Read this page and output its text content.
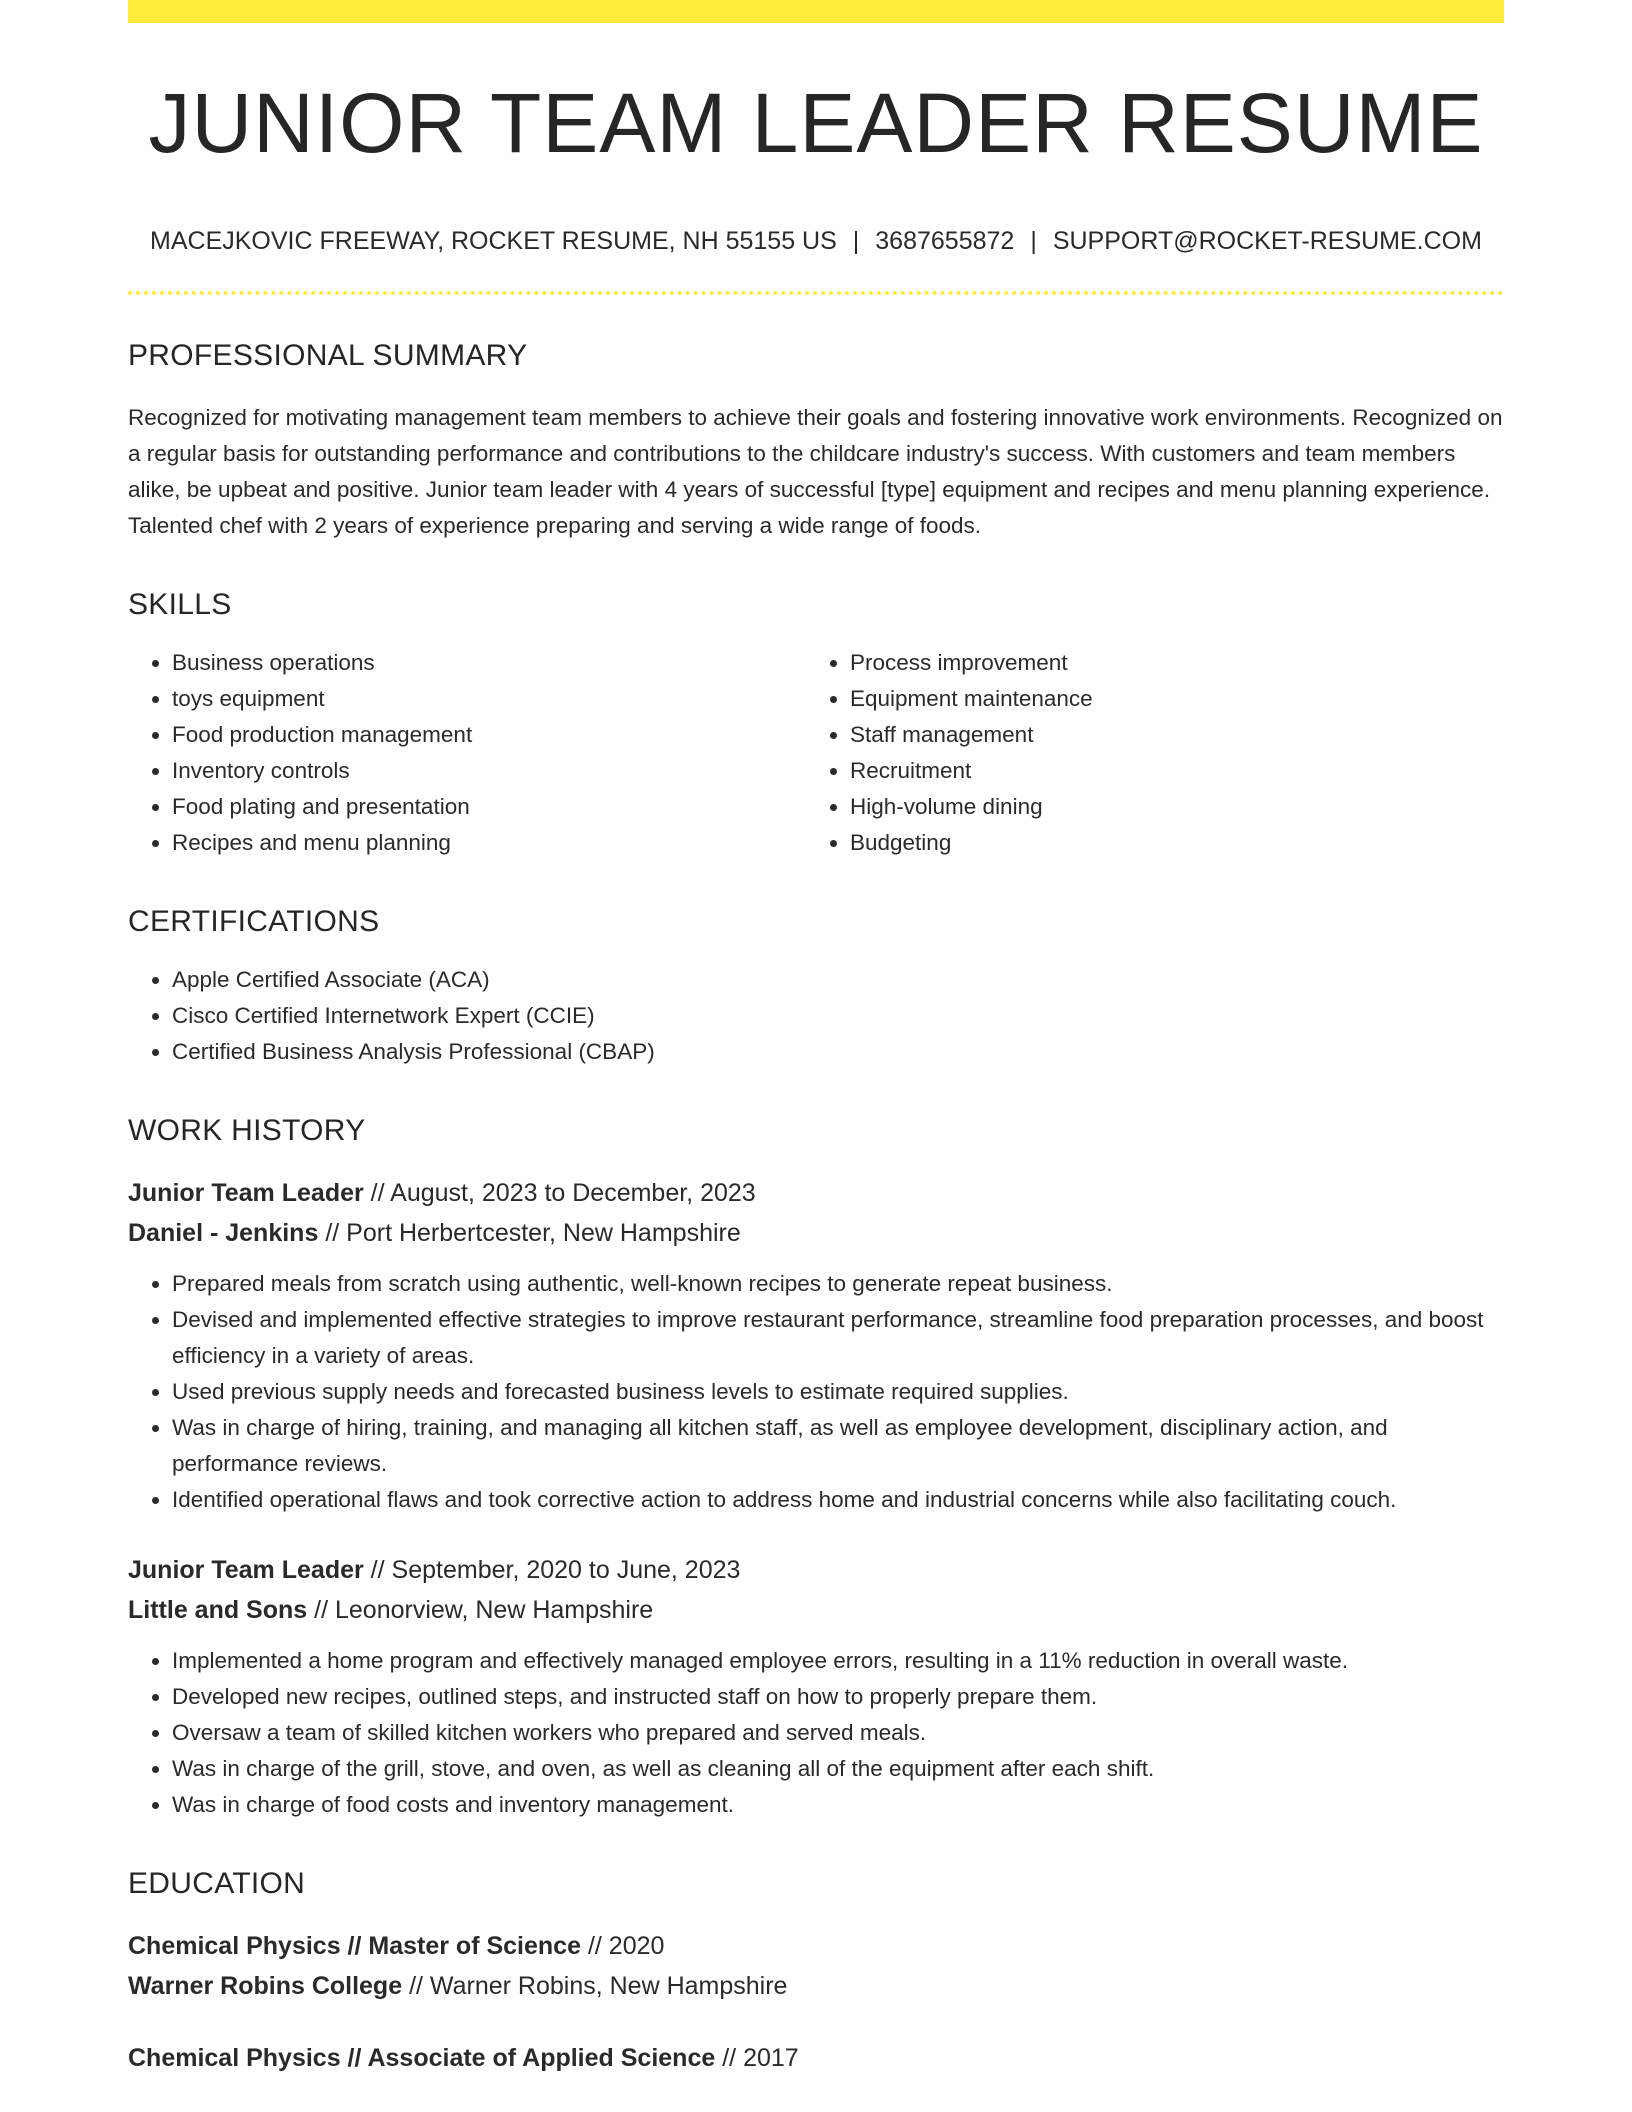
JUNIOR TEAM LEADER RESUME
MACEJKOVIC FREEWAY, ROCKET RESUME, NH 55155 US | 3687655872 | SUPPORT@ROCKET-RESUME.COM
PROFESSIONAL SUMMARY

Recognized for motivating management team members to achieve their goals and fostering innovative work environments. Recognized on a regular basis for outstanding performance and contributions to the childcare industry's success. With customers and team members alike, be upbeat and positive. Junior team leader with 4 years of successful [type] equipment and recipes and menu planning experience. Talented chef with 2 years of experience preparing and serving a wide range of foods.

SKILLS
• Business operations
• toys equipment
• Food production management
• Inventory controls
• Food plating and presentation
• Recipes and menu planning
• Process improvement
• Equipment maintenance
• Staff management
• Recruitment
• High-volume dining
• Budgeting
CERTIFICATIONS
• Apple Certified Associate (ACA)
• Cisco Certified Internetwork Expert (CCIE)
• Certified Business Analysis Professional (CBAP)
WORK HISTORY
Junior Team Leader // August, 2023 to December, 2023
Daniel - Jenkins // Port Herbertcester, New Hampshire
• Prepared meals from scratch using authentic, well-known recipes to generate repeat business.
• Devised and implemented effective strategies to improve restaurant performance, streamline food preparation processes, and boost efficiency in a variety of areas.
• Used previous supply needs and forecasted business levels to estimate required supplies.
• Was in charge of hiring, training, and managing all kitchen staff, as well as employee development, disciplinary action, and performance reviews.
• Identified operational flaws and took corrective action to address home and industrial concerns while also facilitating couch.
Junior Team Leader // September, 2020 to June, 2023
Little and Sons // Leonorview, New Hampshire
• Implemented a home program and effectively managed employee errors, resulting in a 11% reduction in overall waste.
• Developed new recipes, outlined steps, and instructed staff on how to properly prepare them.
• Oversaw a team of skilled kitchen workers who prepared and served meals.
• Was in charge of the grill, stove, and oven, as well as cleaning all of the equipment after each shift.
• Was in charge of food costs and inventory management.
EDUCATION
Chemical Physics // Master of Science // 2020
Warner Robins College // Warner Robins, New Hampshire
Chemical Physics // Associate of Applied Science // 2017
